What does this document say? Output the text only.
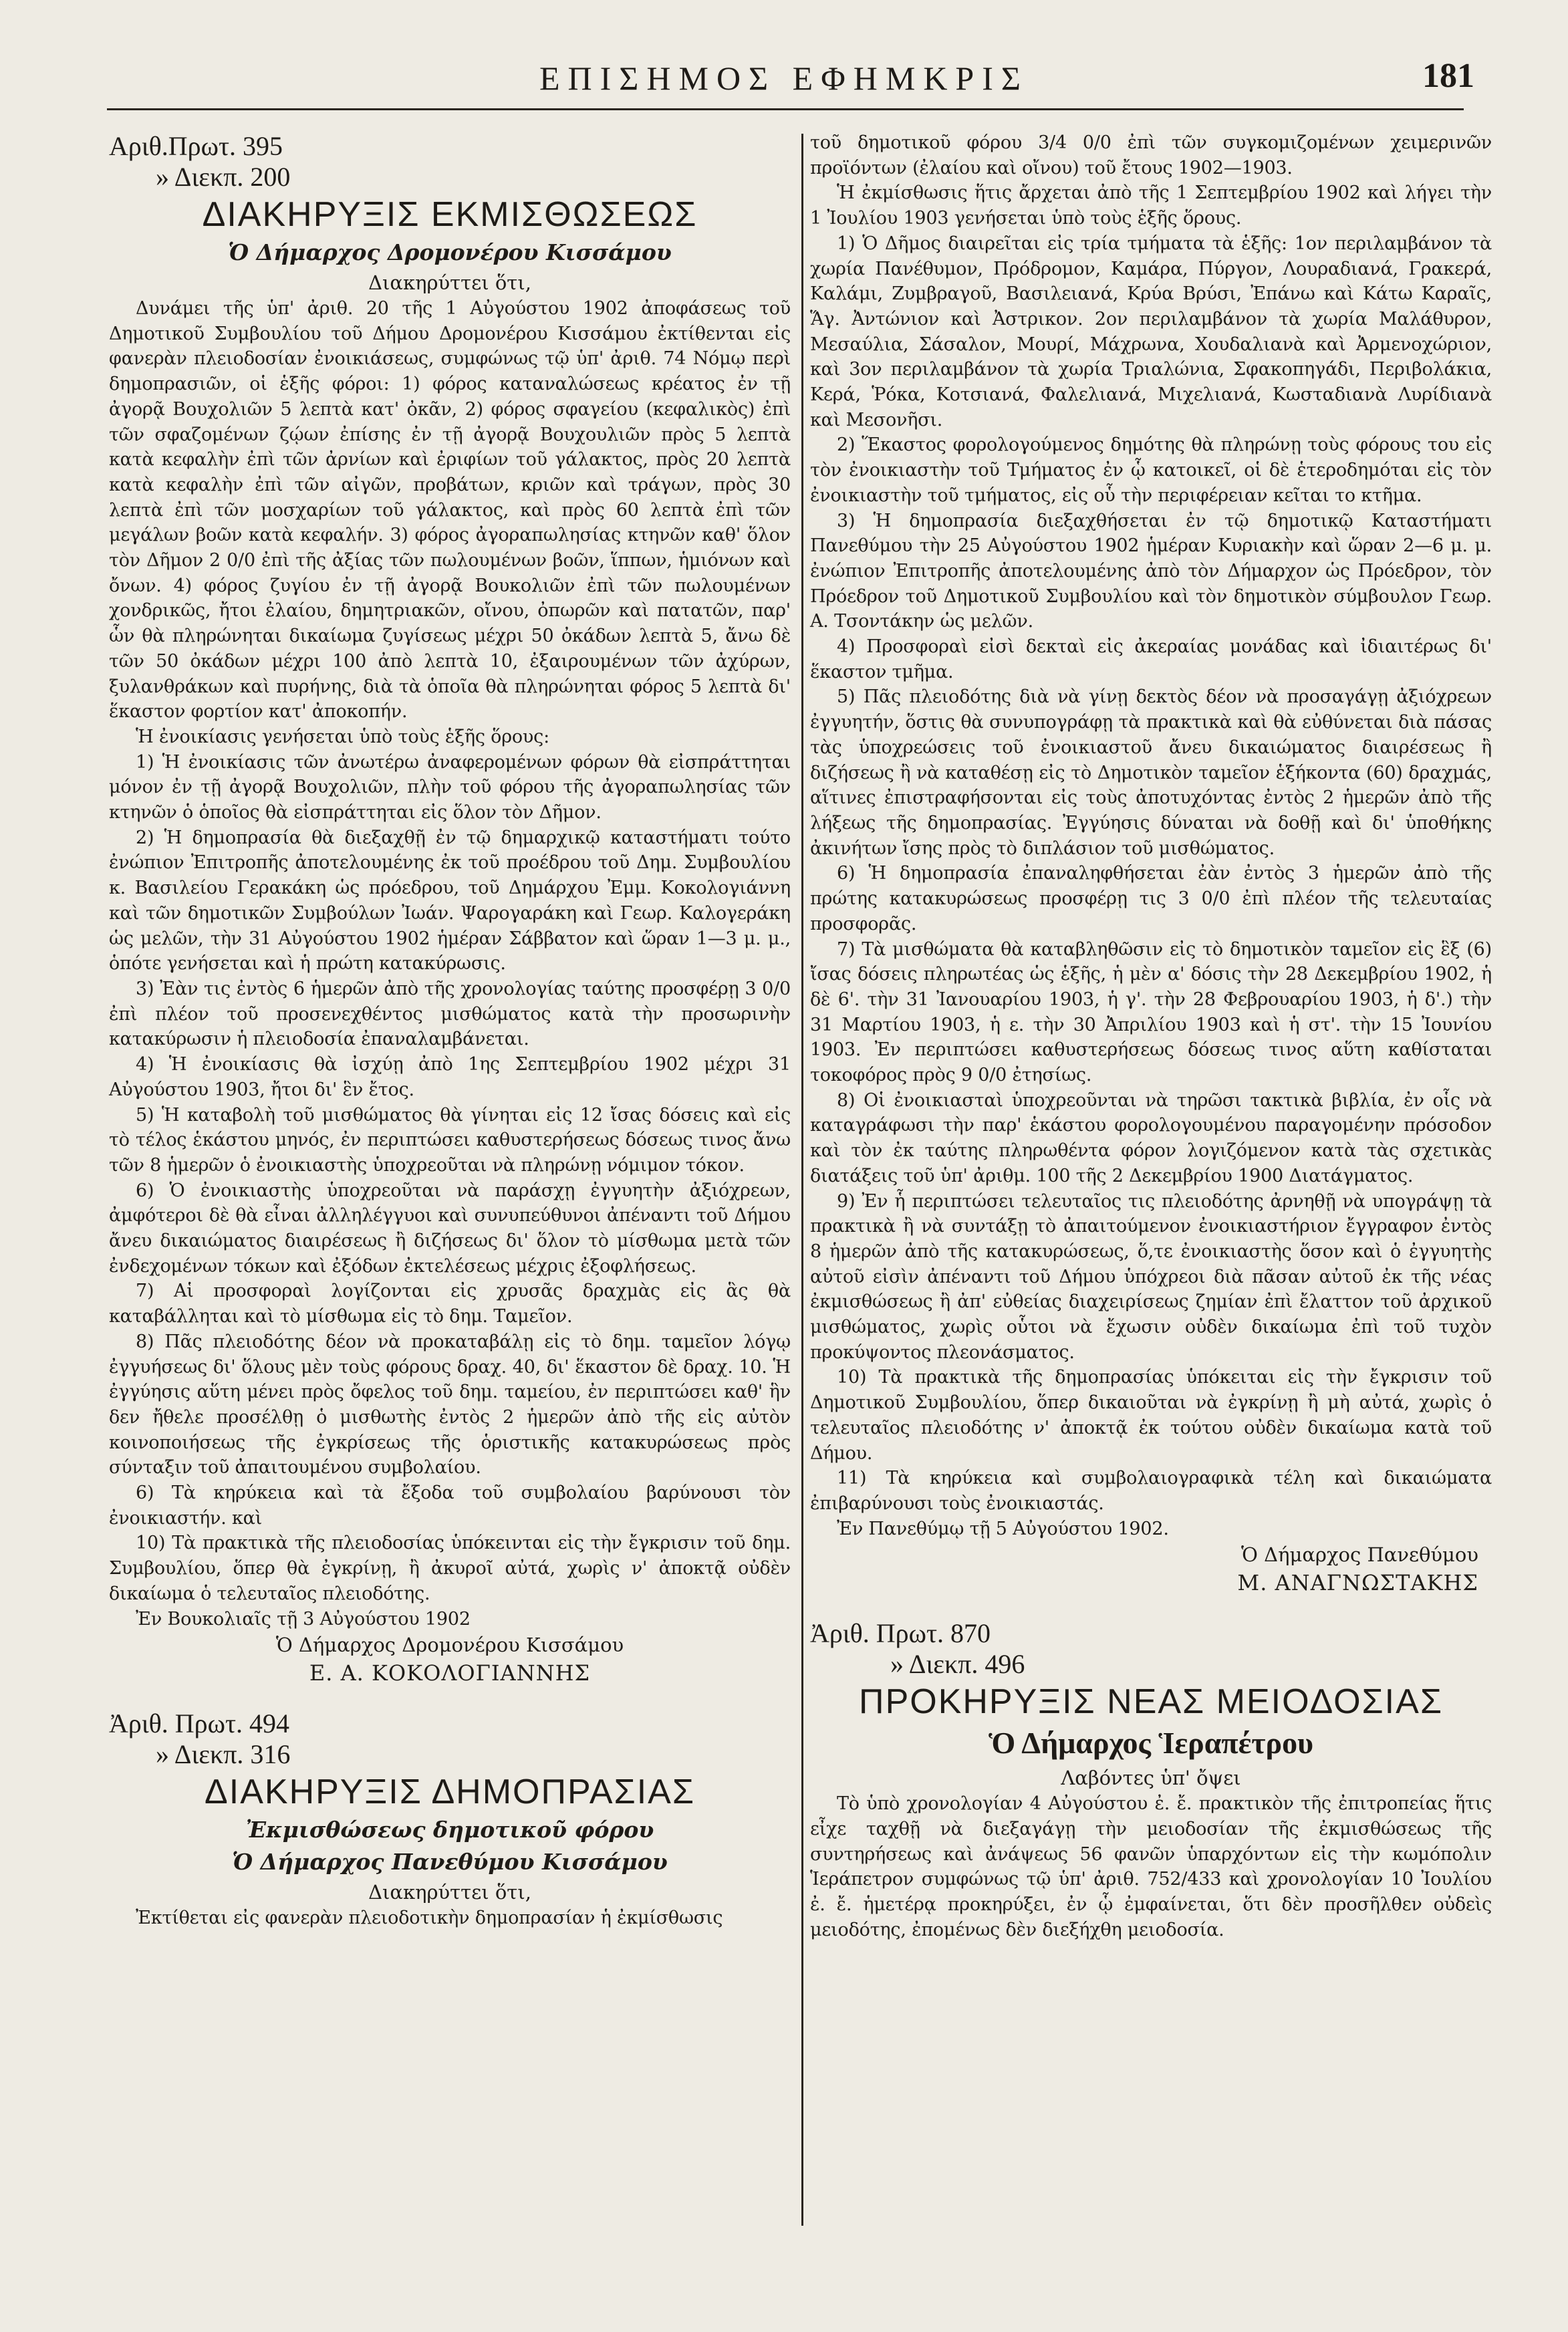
ΕΠΙΣΗΜΟΣ ΕΦΗΜΚΡΙΣ	181
Αριθ.Πρωτ. 395
» Διεκπ. 200
ΔΙΑΚΗΡΥΞΙΣ ΕΚΜΙΣΘΩΣΕΩΣ
Ὁ Δήμαρχος Δρομονέρου Κισσάμου
Διακηρύττει ὅτι,

Δυνάμει τῆς ὑπ' ἀριθ. 20 τῆς 1 Αὐγούστου 1902 ἀποφάσεως τοῦ Δημοτικοῦ Συμβουλίου τοῦ Δήμου Δρομονέρου Κισσάμου ἐκτίθενται εἰς φανερὰν πλειοδοσίαν ἐνοικιάσεως, συμφώνως τῷ ὑπ' ἀριθ. 74 Νόμῳ περὶ δημοπρασιῶν, οἱ ἑξῆς φόροι: 1) φόρος καταναλώσεως κρέατος ἐν τῇ ἀγορᾷ Βουχολιῶν 5 λεπτὰ κατ' ὀκᾶν, 2) φόρος σφαγείου (κεφαλικὸς) ἐπὶ τῶν σφαζομένων ζῴων ἐπίσης ἐν τῇ ἀγορᾷ Βουχουλιῶν πρὸς 5 λεπτὰ κατὰ κεφαλὴν ἐπὶ τῶν ἀρνίων καὶ ἐριφίων τοῦ γάλακτος, πρὸς 20 λεπτὰ κατὰ κεφαλὴν ἐπὶ τῶν αἰγῶν, προβάτων, κριῶν καὶ τράγων, πρὸς 30 λεπτὰ ἐπὶ τῶν μοσχαρίων τοῦ γάλακτος, καὶ πρὸς 60 λεπτὰ ἐπὶ τῶν μεγάλων βοῶν κατὰ κεφαλήν. 3) φόρος ἀγοραπωλησίας κτηνῶν καθ' ὅλον τὸν Δῆμον 2 0/0 ἐπὶ τῆς ἀξίας τῶν πωλουμένων βοῶν, ἵππων, ἡμιόνων καὶ ὄνων. 4) φόρος ζυγίου ἐν τῇ ἀγορᾷ Βουκολιῶν ἐπὶ τῶν πωλουμένων χονδρικῶς, ἤτοι ἐλαίου, δημητριακῶν, οἴνου, ὀπωρῶν καὶ πατατῶν, παρ' ὧν θὰ πληρώνηται δικαίωμα ζυγίσεως μέχρι 50 ὀκάδων λεπτὰ 5, ἄνω δὲ τῶν 50 ὀκάδων μέχρι 100 ἀπὸ λεπτὰ 10, ἐξαιρουμένων τῶν ἀχύρων, ξυλανθράκων καὶ πυρήνης, διὰ τὰ ὁποῖα θὰ πληρώνηται φόρος 5 λεπτὰ δι' ἕκαστον φορτίον κατ' ἀποκοπήν.

Ἡ ἐνοικίασις γενήσεται ὑπὸ τοὺς ἑξῆς ὅρους:

1) Ἡ ἐνοικίασις τῶν ἀνωτέρω ἀναφερομένων φόρων θὰ εἰσπράττηται μόνον ἐν τῇ ἀγορᾷ Βουχολιῶν, πλὴν τοῦ φόρου τῆς ἀγοραπωλησίας τῶν κτηνῶν ὁ ὁποῖος θὰ εἰσπράττηται εἰς ὅλον τὸν Δῆμον.

2) Ἡ δημοπρασία θὰ διεξαχθῇ ἐν τῷ δημαρχικῷ καταστήματι τούτο ἐνώπιον Ἐπιτροπῆς ἀποτελουμένης ἐκ τοῦ προέδρου τοῦ Δημ. Συμβουλίου κ. Βασιλείου Γερακάκη ὡς πρόεδρου, τοῦ Δημάρχου Ἐμμ. Κοκολογιάννη καὶ τῶν δημοτικῶν Συμβούλων Ἰωάν. Ψαρογαράκη καὶ Γεωρ. Καλογεράκη ὡς μελῶν, τὴν 31 Αὐγούστου 1902 ἡμέραν Σάββατον καὶ ὥραν 1—3 μ. μ., ὁπότε γενήσεται καὶ ἡ πρώτη κατακύρωσις.

3) Ἐὰν τις ἐντὸς 6 ἡμερῶν ἀπὸ τῆς χρονολογίας ταύτης προσφέρῃ 3 0/0 ἐπὶ πλέον τοῦ προσενεχθέντος μισθώματος κατὰ τὴν προσωρινὴν κατακύρωσιν ἡ πλειοδοσία ἐπαναλαμβάνεται.

4) Ἡ ἐνοικίασις θὰ ἰσχύῃ ἀπὸ 1ης Σεπτεμβρίου 1902 μέχρι 31 Αὐγούστου 1903, ἤτοι δι' ἓν ἔτος.

5) Ἡ καταβολὴ τοῦ μισθώματος θὰ γίνηται εἰς 12 ἴσας δόσεις καὶ εἰς τὸ τέλος ἑκάστου μηνός, ἐν περιπτώσει καθυστερήσεως δόσεως τινος ἄνω τῶν 8 ἡμερῶν ὁ ἐνοικιαστὴς ὑποχρεοῦται νὰ πληρώνῃ νόμιμον τόκον.

6) Ὁ ἐνοικιαστὴς ὑποχρεοῦται νὰ παράσχῃ ἐγγυητὴν ἀξιόχρεων, ἀμφότεροι δὲ θὰ εἶναι ἀλληλέγγυοι καὶ συνυπεύθυνοι ἀπέναντι τοῦ Δήμου ἄνευ δικαιώματος διαιρέσεως ἢ διζήσεως δι' ὅλον τὸ μίσθωμα μετὰ τῶν ἐνδεχομένων τόκων καὶ ἐξόδων ἐκτελέσεως μέχρις ἐξοφλήσεως.

7) Αἱ προσφοραὶ λογίζονται εἰς χρυσᾶς δραχμὰς εἰς ἃς θὰ καταβάλληται καὶ τὸ μίσθωμα εἰς τὸ δημ. Ταμεῖον.

8) Πᾶς πλειοδότης δέον νὰ προκαταβάλῃ εἰς τὸ δημ. ταμεῖον λόγῳ ἐγγυήσεως δι' ὅλους μὲν τοὺς φόρους δραχ. 40, δι' ἕκαστον δὲ δραχ. 10. Ἡ ἐγγύησις αὕτη μένει πρὸς ὄφελος τοῦ δημ. ταμείου, ἐν περιπτώσει καθ' ἣν δεν ἤθελε προσέλθῃ ὁ μισθωτὴς ἐντὸς 2 ἡμερῶν ἀπὸ τῆς εἰς αὐτὸν κοινοποιήσεως τῆς ἐγκρίσεως τῆς ὁριστικῆς κατακυρώσεως πρὸς σύνταξιν τοῦ ἀπαιτουμένου συμβολαίου.

6) Τὰ κηρύκεια καὶ τὰ ἔξοδα τοῦ συμβολαίου βαρύνουσι τὸν ἐνοικιαστήν. καὶ

10) Τὰ πρακτικὰ τῆς πλειοδοσίας ὑπόκεινται εἰς τὴν ἔγκρισιν τοῦ δημ. Συμβουλίου, ὅπερ θὰ ἐγκρίνῃ, ἢ ἀκυροῖ αὐτά, χωρὶς ν' ἀποκτᾷ οὐδὲν δικαίωμα ὁ τελευταῖος πλειοδότης.

Ἐν Βουκολιαῖς τῇ 3 Αὐγούστου 1902

Ὁ Δήμαρχος Δρομονέρου Κισσάμου
Ε. Α. ΚΟΚΟΛΟΓΙΑΝΝΗΣ
Ἀριθ. Πρωτ. 494
» Διεκπ. 316
ΔΙΑΚΗΡΥΞΙΣ ΔΗΜΟΠΡΑΣΙΑΣ
Ἐκμισθώσεως δημοτικοῦ φόρου
Ὁ Δήμαρχος Πανεθύμου Κισσάμου
Διακηρύττει ὅτι,

Ἐκτίθεται εἰς φανερὰν πλειοδοτικὴν δημοπρασίαν ἡ ἐκμίσθωσις

τοῦ δημοτικοῦ φόρου 3/4 0/0 ἐπὶ τῶν συγκομιζομένων χειμερινῶν προϊόντων (ἐλαίου καὶ οἴνου) τοῦ ἔτους 1902—1903.

Ἡ ἐκμίσθωσις ἥτις ἄρχεται ἀπὸ τῆς 1 Σεπτεμβρίου 1902 καὶ λήγει τὴν 1 Ἰουλίου 1903 γενήσεται ὑπὸ τοὺς ἑξῆς ὅρους.

1) Ὁ Δῆμος διαιρεῖται εἰς τρία τμήματα τὰ ἑξῆς: 1ον περιλαμβάνον τὰ χωρία Πανέθυμον, Πρόδρομον, Καμάρα, Πύργον, Λουραδιανά, Γρακερά, Καλάμι, Ζυμβραγοῦ, Βασιλειανά, Κρύα Βρύσι, Ἐπάνω καὶ Κάτω Καραῖς, Ἅγ. Ἀντώνιον καὶ Ἀστρικον. 2ον περιλαμβάνον τὰ χωρία Μαλάθυρον, Μεσαύλια, Σάσαλον, Μουρί, Μάχρωνα, Χουδαλιανὰ καὶ Ἀρμενοχώριον, καὶ 3ον περιλαμβάνον τὰ χωρία Τριαλώνια, Σφακοπηγάδι, Περιβολάκια, Κερά, Ῥόκα, Κοτσιανά, Φαλελιανά, Μιχελιανά, Κωσταδιανὰ Λυρίδιανὰ καὶ Μεσονῆσι.

2) Ἕκαστος φορολογούμενος δημότης θὰ πληρώνῃ τοὺς φόρους του εἰς τὸν ἐνοικιαστὴν τοῦ Τμήματος ἐν ᾧ κατοικεῖ, οἱ δὲ ἑτεροδημόται εἰς τὸν ἐνοικιαστὴν τοῦ τμήματος, εἰς οὗ τὴν περιφέρειαν κεῖται το κτῆμα.

3) Ἡ δημοπρασία διεξαχθήσεται ἐν τῷ δημοτικῷ Καταστήματι Πανεθύμου τὴν 25 Αὐγούστου 1902 ἡμέραν Κυριακὴν καὶ ὥραν 2—6 μ. μ. ἐνώπιον Ἐπιτροπῆς ἀποτελουμένης ἀπὸ τὸν Δήμαρχον ὡς Πρόεδρον, τὸν Πρόεδρον τοῦ Δημοτικοῦ Συμβουλίου καὶ τὸν δημοτικὸν σύμβουλον Γεωρ. Α. Τσοντάκην ὡς μελῶν.

4) Προσφοραὶ εἰσὶ δεκταὶ εἰς ἀκεραίας μονάδας καὶ ἰδιαιτέρως δι' ἕκαστον τμῆμα.

5) Πᾶς πλειοδότης διὰ νὰ γίνῃ δεκτὸς δέον νὰ προσαγάγῃ ἀξιόχρεων ἐγγυητήν, ὅστις θὰ συνυπογράφῃ τὰ πρακτικὰ καὶ θὰ εὐθύνεται διὰ πάσας τὰς ὑποχρεώσεις τοῦ ἐνοικιαστοῦ ἄνευ δικαιώματος διαιρέσεως ἢ διζήσεως ἢ νὰ καταθέσῃ εἰς τὸ Δημοτικὸν ταμεῖον ἑξήκοντα (60) δραχμάς, αἵτινες ἐπιστραφήσονται εἰς τοὺς ἀποτυχόντας ἐντὸς 2 ἡμερῶν ἀπὸ τῆς λήξεως τῆς δημοπρασίας. Ἐγγύησις δύναται νὰ δοθῇ καὶ δι' ὑποθήκης ἀκινήτων ἴσης πρὸς τὸ διπλάσιον τοῦ μισθώματος.

6) Ἡ δημοπρασία ἐπαναληφθήσεται ἐὰν ἐντὸς 3 ἡμερῶν ἀπὸ τῆς πρώτης κατακυρώσεως προσφέρῃ τις 3 0/0 ἐπὶ πλέον τῆς τελευταίας προσφορᾶς.

7) Τὰ μισθώματα θὰ καταβληθῶσιν εἰς τὸ δημοτικὸν ταμεῖον εἰς ἓξ (6) ἴσας δόσεις πληρωτέας ὡς ἑξῆς, ἡ μὲν α' δόσις τὴν 28 Δεκεμβρίου 1902, ἡ δὲ 6'. τὴν 31 Ἰανουαρίου 1903, ἡ γ'. τὴν 28 Φεβρουαρίου 1903, ἡ δ'.) τὴν 31 Μαρτίου 1903, ἡ ε. τὴν 30 Ἀπριλίου 1903 καὶ ἡ στ'. τὴν 15 Ἰουνίου 1903. Ἐν περιπτώσει καθυστερήσεως δόσεως τινος αὕτη καθίσταται τοκοφόρος πρὸς 9 0/0 ἐτησίως.

8) Οἱ ἐνοικιασταὶ ὑποχρεοῦνται νὰ τηρῶσι τακτικὰ βιβλία, ἐν οἷς νὰ καταγράφωσι τὴν παρ' ἑκάστου φορολογουμένου παραγομένην πρόσοδον καὶ τὸν ἐκ ταύτης πληρωθέντα φόρον λογιζόμενον κατὰ τὰς σχετικὰς διατάξεις τοῦ ὑπ' ἀριθμ. 100 τῆς 2 Δεκεμβρίου 1900 Διατάγματος.

9) Ἐν ἧ περιπτώσει τελευταῖος τις πλειοδότης ἀρνηθῇ νὰ υπογράψῃ τὰ πρακτικὰ ἢ νὰ συντάξῃ τὸ ἀπαιτούμενον ἐνοικιαστήριον ἔγγραφον ἐντὸς 8 ἡμερῶν ἀπὸ τῆς κατακυρώσεως, ὅ,τε ἐνοικιαστὴς ὅσον καὶ ὁ ἐγγυητὴς αὐτοῦ εἰσὶν ἀπέναντι τοῦ Δήμου ὑπόχρεοι διὰ πᾶσαν αὐτοῦ ἐκ τῆς νέας ἐκμισθώσεως ἢ ἀπ' εὐθείας διαχειρίσεως ζημίαν ἐπὶ ἔλαττον τοῦ ἀρχικοῦ μισθώματος, χωρὶς οὗτοι νὰ ἔχωσιν οὐδὲν δικαίωμα ἐπὶ τοῦ τυχὸν προκύψοντος πλεονάσματος.

10) Τὰ πρακτικὰ τῆς δημοπρασίας ὑπόκειται εἰς τὴν ἔγκρισιν τοῦ Δημοτικοῦ Συμβουλίου, ὅπερ δικαιοῦται νὰ ἐγκρίνῃ ἢ μὴ αὐτά, χωρὶς ὁ τελευταῖος πλειοδότης ν' ἀποκτᾷ ἐκ τούτου οὐδὲν δικαίωμα κατὰ τοῦ Δήμου.

11) Τὰ κηρύκεια καὶ συμβολαιογραφικὰ τέλη καὶ δικαιώματα ἐπιβαρύνουσι τοὺς ἐνοικιαστάς.

Ἐν Πανεθύμῳ τῇ 5 Αὐγούστου 1902.

Ὁ Δήμαρχος Πανεθύμου
Μ. ΑΝΑΓΝΩΣΤΑΚΗΣ
Ἀριθ. Πρωτ. 870
» Διεκπ. 496
ΠΡΟΚΗΡΥΞΙΣ ΝΕΑΣ ΜΕΙΟΔΟΣΙΑΣ
Ὁ Δήμαρχος Ἱεραπέτρου
Λαβόντες ὑπ' ὄψει

Τὸ ὑπὸ χρονολογίαν 4 Αὐγούστου ἐ. ἔ. πρακτικὸν τῆς ἐπιτροπείας ἥτις εἶχε ταχθῇ νὰ διεξαγάγῃ τὴν μειοδοσίαν τῆς ἐκμισθώσεως τῆς συντηρήσεως καὶ ἀνάψεως 56 φανῶν ὑπαρχόντων εἰς τὴν κωμόπολιν Ἱεράπετρον συμφώνως τῷ ὑπ' ἀριθ. 752/433 καὶ χρονολογίαν 10 Ἰουλίου ἐ. ἔ. ἡμετέρᾳ προκηρύξει, ἐν ᾧ ἐμφαίνεται, ὅτι δὲν προσῆλθεν οὐδεὶς μειοδότης, ἐπομένως δὲν διεξήχθη μειοδοσία.
